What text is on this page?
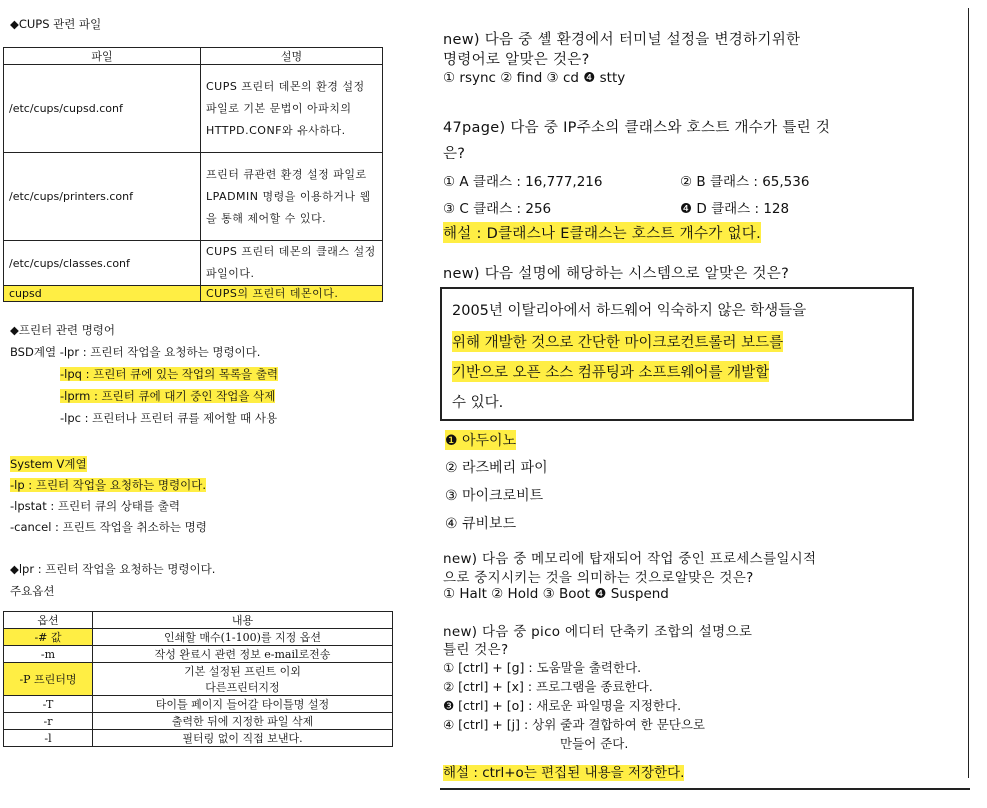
◆CUPS 관련 파일
파일	설명
/etc/cups/cupsd.conf	CUPS 프린터 데몬의 환경 설정 파일로 기본 문법이 아파치의 HTTPD.CONF와 유사하다.
/etc/cups/printers.conf	프린터 큐관련 환경 설정 파일로 LPADMIN 명령을 이용하거나 웹을 통해 제어할 수 있다.
/etc/cups/classes.conf	CUPS 프린터 데몬의 클래스 설정 파일이다.
cupsd	CUPS의 프린터 데몬이다.
◆프린터 관련 명령어
BSD계열 -lpr : 프린터 작업을 요청하는 명령이다.
-lpq : 프린터 큐에 있는 작업의 목록을 출력
-lprm : 프린터 큐에 대기 중인 작업을 삭제
-lpc : 프린터나 프린터 큐를 제어할 때 사용
System V계열
-lp : 프린터 작업을 요청하는 명령이다.
-lpstat : 프린터 큐의 상태를 출력
-cancel : 프린트 작업을 취소하는 명령
◆lpr : 프린터 작업을 요청하는 명령이다.
주요옵션
옵션	내용
-# 값	인쇄할 매수(1-100)를 지정 옵션
-m	작성 완료시 관련 정보 e-mail로전송
-P 프린터명	기본 설정된 프린트 이외
	다른프린터지정
-T	타이틀 페이지 들어갈 타이틀명 설정
-r	출력한 뒤에 지정한 파일 삭제
-l	필터링 없이 직접 보낸다.
new) 다음 중 셸 환경에서 터미널 설정을 변경하기위한
명령어로 알맞은 것은?
① rsync ② find ③ cd ❹ stty
47page) 다음 중 IP주소의 클래스와 호스트 개수가 틀린 것
은?
① A 클래스 : 16,777,216	② B 클래스 : 65,536
③ C 클래스 : 256	❹ D 클래스 : 128
해설 : D클래스나 E클래스는 호스트 개수가 없다.
new) 다음 설명에 해당하는 시스템으로 알맞은 것은?
2005년 이탈리아에서 하드웨어 익숙하지 않은 학생들을
위해 개발한 것으로 간단한 마이크로컨트롤러 보드를
기반으로 오픈 소스 컴퓨팅과 소프트웨어를 개발할
수 있다.
❶ 아두이노
② 라즈베리 파이
③ 마이크로비트
④ 큐비보드
new) 다음 중 메모리에 탑재되어 작업 중인 프로세스를일시적
으로 중지시키는 것을 의미하는 것으로알맞은 것은?
① Halt ② Hold ③ Boot ❹ Suspend
new) 다음 중 pico 에디터 단축키 조합의 설명으로
틀린 것은?
① [ctrl] + [g] : 도움말을 출력한다.
② [ctrl] + [x] : 프로그램을 종료한다.
❸ [ctrl] + [o] : 새로운 파일명을 지정한다.
④ [ctrl] + [j] : 상위 줄과 결합하여 한 문단으로
만들어 준다.
해설 : ctrl+o는 편집된 내용을 저장한다.
